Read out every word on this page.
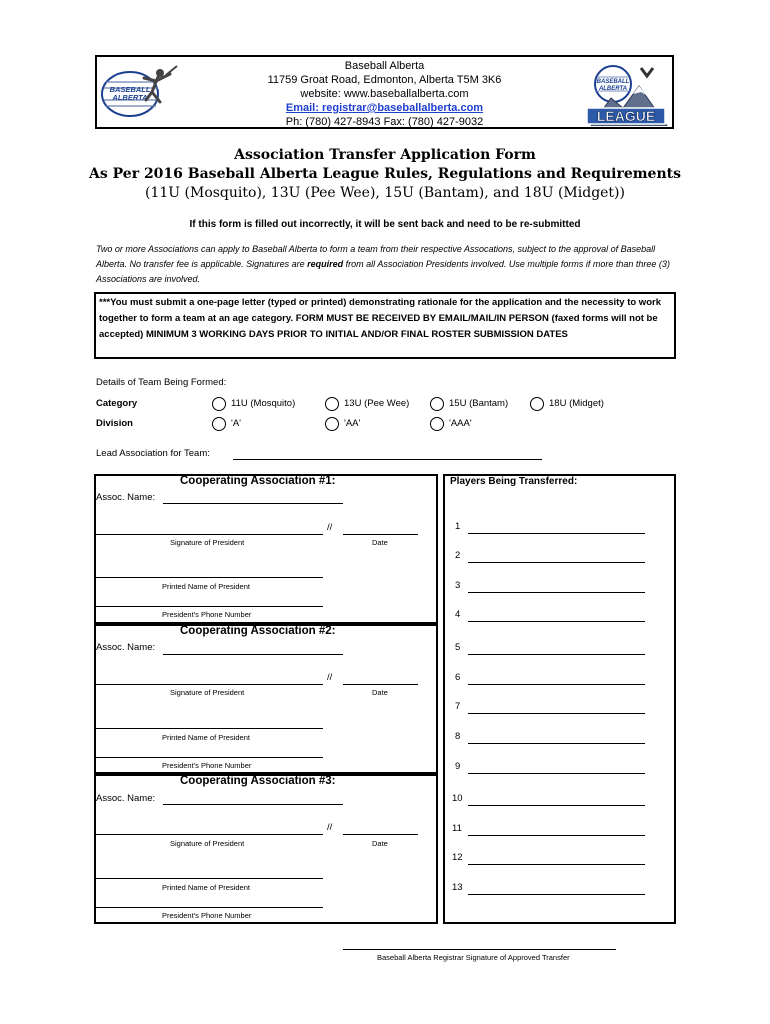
Baseball Alberta
11759 Groat Road, Edmonton, Alberta T5M 3K6
website: www.baseballalberta.com
Email: registrar@baseballalberta.com
Ph: (780) 427-8943 Fax: (780) 427-9032
BASEBALL
ALBERTA
BASEBALL
ALBERTA
LEAGUE
Association Transfer Application Form
As Per 2016 Baseball Alberta League Rules, Regulations and Requirements
(11U (Mosquito), 13U (Pee Wee), 15U (Bantam), and 18U (Midget))
If this form is filled out incorrectly, it will be sent back and need to be re-submitted
Two or more Associations can apply to Baseball Alberta to form a team from their respective Assocations, subject to the approval of Baseball Alberta. No transfer fee is applicable. Signatures are required from all Association Presidents involved. Use multiple forms if more than three (3) Associations are involved.
***You must submit a one-page letter (typed or printed) demonstrating rationale for the application and the necessity to work together to form a team at an age category. FORM MUST BE RECEIVED BY EMAIL/MAIL/IN PERSON (faxed forms will not be accepted) MINIMUM 3 WORKING DAYS PRIOR TO INITIAL AND/OR FINAL ROSTER SUBMISSION DATES
Details of Team Being Formed:
Category	11U (Mosquito)	13U (Pee Wee)	15U (Bantam)	18U (Midget)
Division	'A'	'AA'	'AAA'
Lead Association for Team:
Cooperating Association #1:
Assoc. Name:
//
Signature of President	Date
Printed Name of President
President's Phone Number
Cooperating Association #2:
Assoc. Name:
//
Signature of President	Date
Printed Name of President
President's Phone Number
Cooperating Association #3:
Assoc. Name:
//
Signature of President	Date
Printed Name of President
President's Phone Number
Players Being Transferred:
1
2
3
4
5
6
7
8
9
10
11
12
13
Baseball Alberta Registrar Signature of Approved Transfer
